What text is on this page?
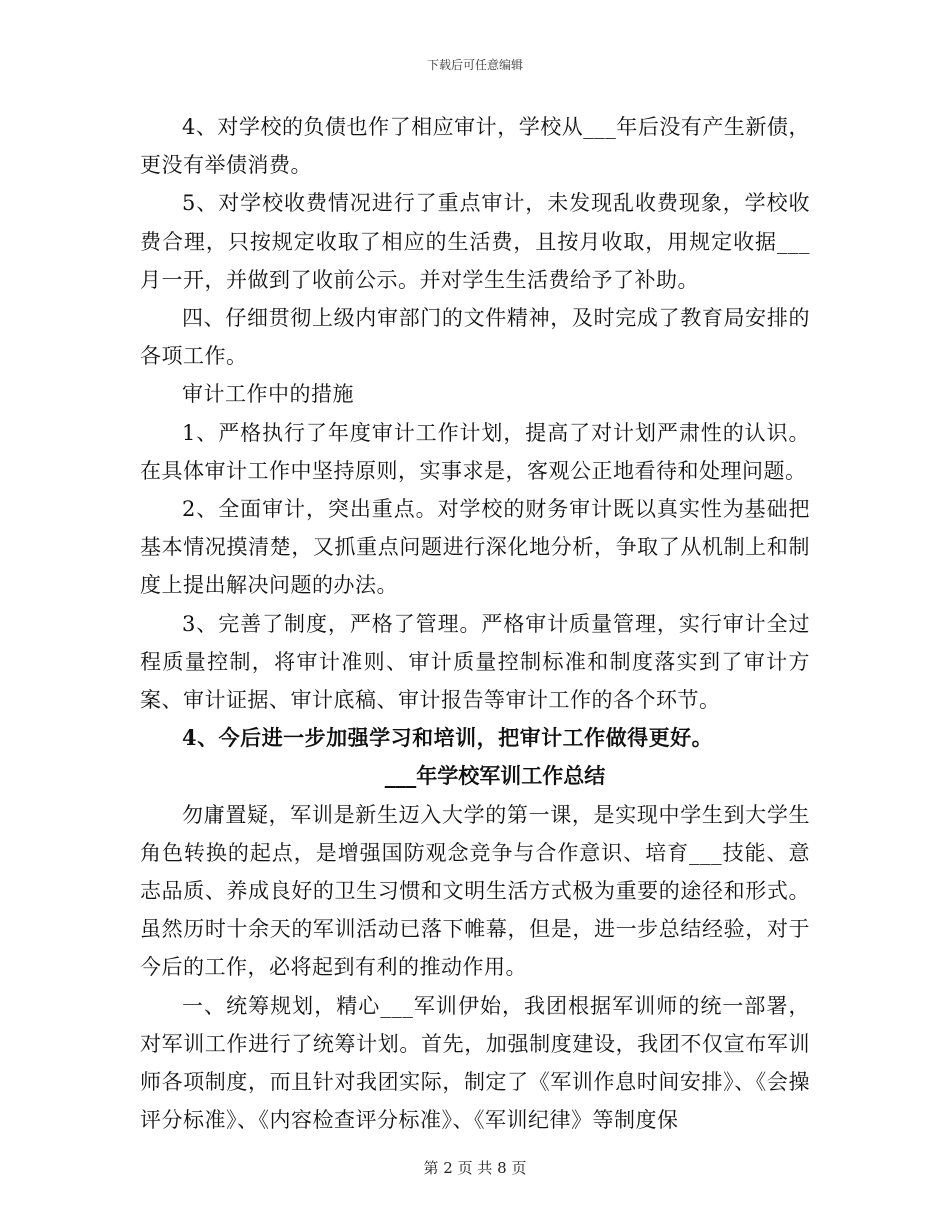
下载后可任意编辑

4、对学校的负债也作了相应审计，学校从___年后没有产生新债，更没有举债消费。

5、对学校收费情况进行了重点审计，未发现乱收费现象，学校收费合理，只按规定收取了相应的生活费，且按月收取，用规定收据___月一开，并做到了收前公示。并对学生生活费给予了补助。

四、仔细贯彻上级内审部门的文件精神，及时完成了教育局安排的各项工作。

审计工作中的措施

1、严格执行了年度审计工作计划，提高了对计划严肃性的认识。在具体审计工作中坚持原则，实事求是，客观公正地看待和处理问题。

2、全面审计，突出重点。对学校的财务审计既以真实性为基础把基本情况摸清楚，又抓重点问题进行深化地分析，争取了从机制上和制度上提出解决问题的办法。

3、完善了制度，严格了管理。严格审计质量管理，实行审计全过程质量控制，将审计准则、审计质量控制标准和制度落实到了审计方案、审计证据、审计底稿、审计报告等审计工作的各个环节。

4、今后进一步加强学习和培训，把审计工作做得更好。

___年学校军训工作总结

勿庸置疑，军训是新生迈入大学的第一课，是实现中学生到大学生角色转换的起点，是增强国防观念竞争与合作意识、培育___技能、意志品质、养成良好的卫生习惯和文明生活方式极为重要的途径和形式。虽然历时十余天的军训活动已落下帷幕，但是，进一步总结经验，对于今后的工作，必将起到有利的推动作用。

一、统筹规划，精心___军训伊始，我团根据军训师的统一部署，对军训工作进行了统筹计划。首先，加强制度建设，我团不仅宣布军训师各项制度，而且针对我团实际，制定了《军训作息时间安排》、《会操评分标准》、《内容检查评分标准》、《军训纪律》等制度保

第 2 页 共 8 页
